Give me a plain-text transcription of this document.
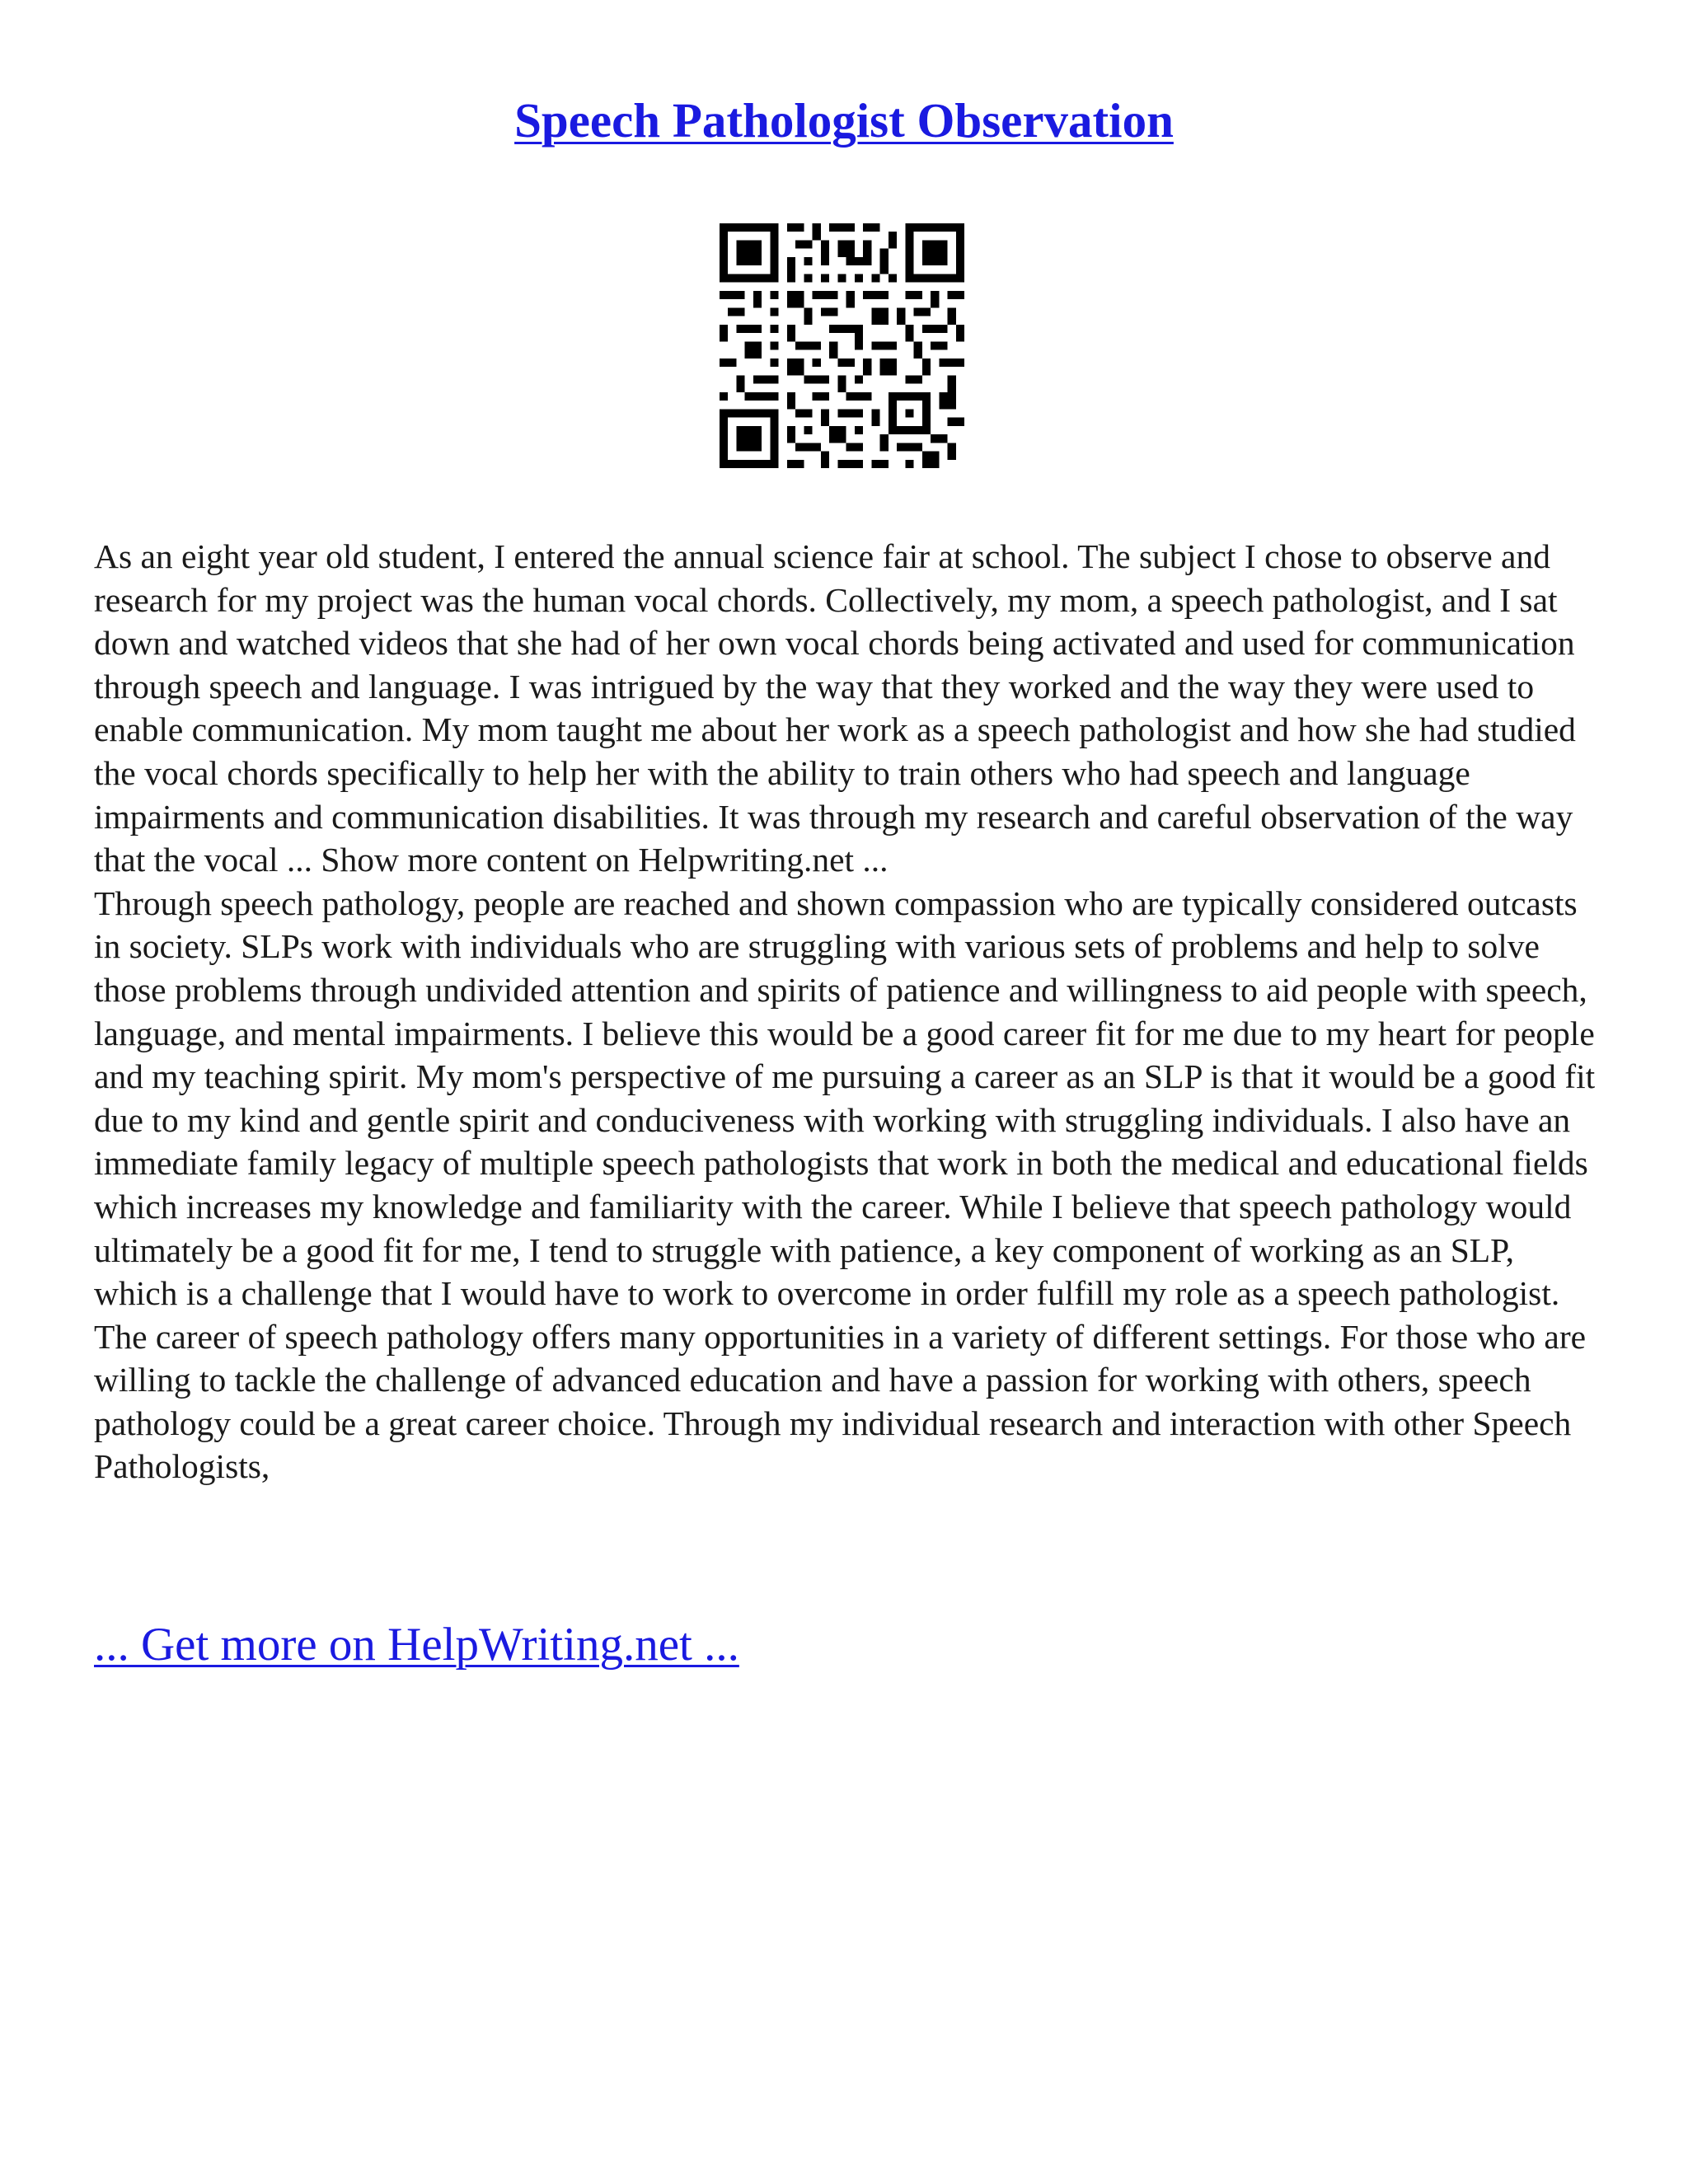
Speech Pathologist Observation

As an eight year old student, I entered the annual science fair at school. The subject I chose to observe and research for my project was the human vocal chords. Collectively, my mom, a speech pathologist, and I sat down and watched videos that she had of her own vocal chords being activated and used for communication through speech and language. I was intrigued by the way that they worked and the way they were used to enable communication. My mom taught me about her work as a speech pathologist and how she had studied the vocal chords specifically to help her with the ability to train others who had speech and language impairments and communication disabilities. It was through my research and careful observation of the way that the vocal ... Show more content on Helpwriting.net ...

Through speech pathology, people are reached and shown compassion who are typically considered outcasts in society. SLPs work with individuals who are struggling with various sets of problems and help to solve those problems through undivided attention and spirits of patience and willingness to aid people with speech, language, and mental impairments. I believe this would be a good career fit for me due to my heart for people and my teaching spirit. My mom's perspective of me pursuing a career as an SLP is that it would be a good fit due to my kind and gentle spirit and conduciveness with working with struggling individuals. I also have an immediate family legacy of multiple speech pathologists that work in both the medical and educational fields which increases my knowledge and familiarity with the career. While I believe that speech pathology would ultimately be a good fit for me, I tend to struggle with patience, a key component of working as an SLP, which is a challenge that I would have to work to overcome in order fulfill my role as a speech pathologist. The career of speech pathology offers many opportunities in a variety of different settings. For those who are willing to tackle the challenge of advanced education and have a passion for working with others, speech pathology could be a great career choice. Through my individual research and interaction with other Speech Pathologists,

... Get more on HelpWriting.net ...
